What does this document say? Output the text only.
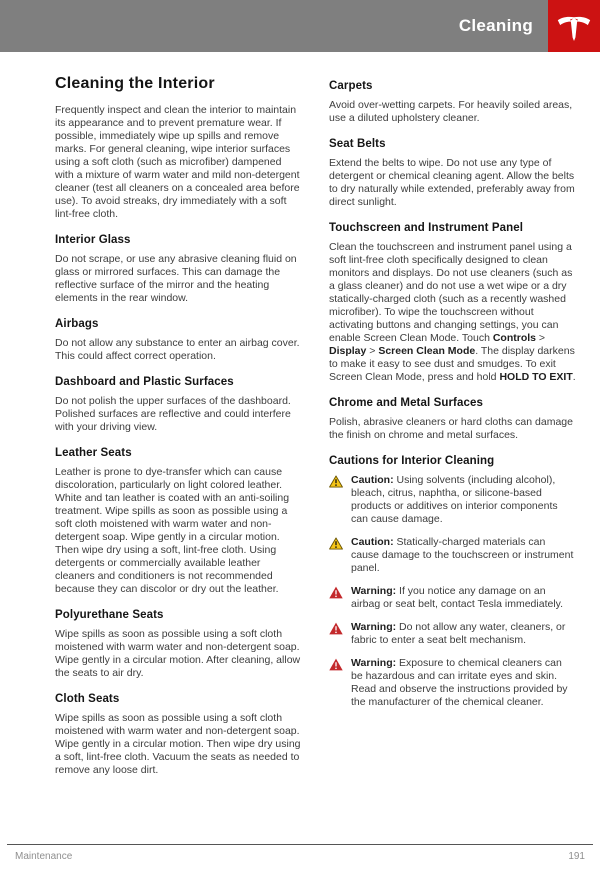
Cleaning
Cleaning the Interior

Frequently inspect and clean the interior to maintain its appearance and to prevent premature wear. If possible, immediately wipe up spills and remove marks. For general cleaning, wipe interior surfaces using a soft cloth (such as microfiber) dampened with a mixture of warm water and mild non-detergent cleaner (test all cleaners on a concealed area before use). To avoid streaks, dry immediately with a soft lint-free cloth.

Interior Glass

Do not scrape, or use any abrasive cleaning fluid on glass or mirrored surfaces. This can damage the reflective surface of the mirror and the heating elements in the rear window.

Airbags

Do not allow any substance to enter an airbag cover. This could affect correct operation.

Dashboard and Plastic Surfaces

Do not polish the upper surfaces of the dashboard. Polished surfaces are reflective and could interfere with your driving view.

Leather Seats

Leather is prone to dye-transfer which can cause discoloration, particularly on light colored leather. White and tan leather is coated with an anti-soiling treatment. Wipe spills as soon as possible using a soft cloth moistened with warm water and non-detergent soap. Wipe gently in a circular motion. Then wipe dry using a soft, lint-free cloth. Using detergents or commercially available leather cleaners and conditioners is not recommended because they can discolor or dry out the leather.

Polyurethane Seats

Wipe spills as soon as possible using a soft cloth moistened with warm water and non-detergent soap. Wipe gently in a circular motion. After cleaning, allow the seats to air dry.

Cloth Seats

Wipe spills as soon as possible using a soft cloth moistened with warm water and non-detergent soap. Wipe gently in a circular motion. Then wipe dry using a soft, lint-free cloth. Vacuum the seats as needed to remove any loose dirt.

Carpets

Avoid over-wetting carpets. For heavily soiled areas, use a diluted upholstery cleaner.

Seat Belts

Extend the belts to wipe. Do not use any type of detergent or chemical cleaning agent. Allow the belts to dry naturally while extended, preferably away from direct sunlight.

Touchscreen and Instrument Panel

Clean the touchscreen and instrument panel using a soft lint-free cloth specifically designed to clean monitors and displays. Do not use cleaners (such as a glass cleaner) and do not use a wet wipe or a dry statically-charged cloth (such as a recently washed microfiber). To wipe the touchscreen without activating buttons and changing settings, you can enable Screen Clean Mode. Touch Controls > Display > Screen Clean Mode. The display darkens to make it easy to see dust and smudges. To exit Screen Clean Mode, press and hold HOLD TO EXIT.

Chrome and Metal Surfaces

Polish, abrasive cleaners or hard cloths can damage the finish on chrome and metal surfaces.

Cautions for Interior Cleaning
Caution: Using solvents (including alcohol), bleach, citrus, naphtha, or silicone-based products or additives on interior components can cause damage.
Caution: Statically-charged materials can cause damage to the touchscreen or instrument panel.
Warning: If you notice any damage on an airbag or seat belt, contact Tesla immediately.
Warning: Do not allow any water, cleaners, or fabric to enter a seat belt mechanism.
Warning: Exposure to chemical cleaners can be hazardous and can irritate eyes and skin. Read and observe the instructions provided by the manufacturer of the chemical cleaner.
Maintenance	191
